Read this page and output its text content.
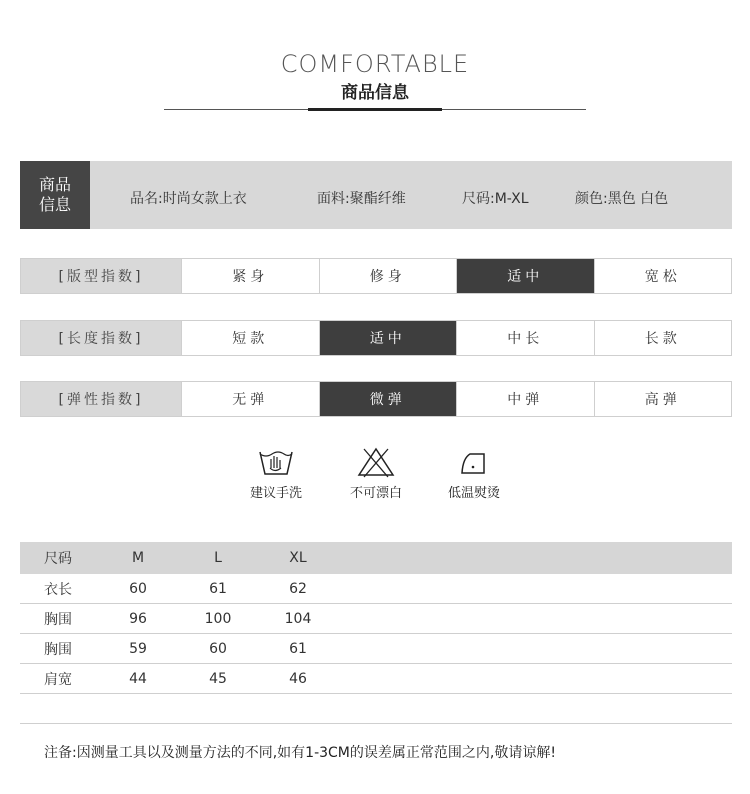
COMFORTABLE
商品信息
商品
信息	品名:时尚女款上衣	面料:聚酯纤维	尺码:M-XL	颜色:黑色 白色
[版型指数]	紧身	修身	适中	宽松
[长度指数]	短款	适中	中长	长款
[弹性指数]	无弹	微弹	中弹	高弹
建议手洗	不可漂白	低温熨烫
尺码	M	L	XL
衣长	60	61	62
胸围	96	100	104
胸围	59	60	61
肩宽	44	45	46
注备:因测量工具以及测量方法的不同,如有1-3CM的误差属正常范围之内,敬请谅解!
